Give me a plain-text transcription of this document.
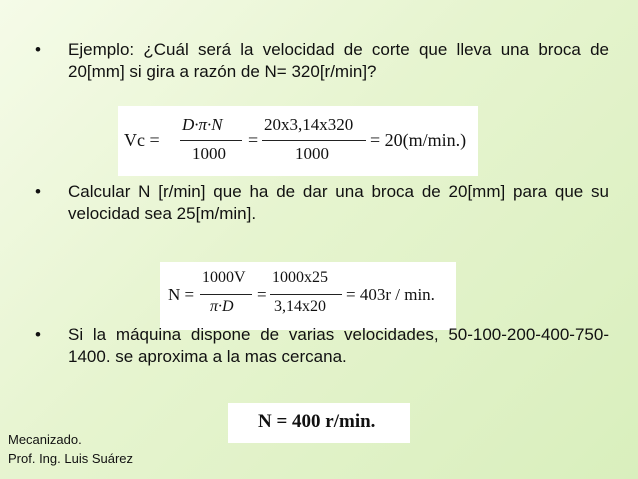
•	Ejemplo: ¿Cuál será la velocidad de corte que lleva una broca de 20[mm] si gira a razón de N= 320[r/min]?
Vc =
D·π·N
1000
=
20x3,14x320
1000
= 20(m/min.)
•	Calcular N [r/min] que ha de dar una broca de 20[mm] para que su velocidad sea 25[m/min].
N =
1000V
π·D
=
1000x25
3,14x20
= 403r / min.
•	Si la máquina dispone de varias velocidades, 50-100-200-400-750-1400. se aproxima a la mas cercana.
N = 400 r/min.
Mecanizado.
Prof. Ing. Luis Suárez
